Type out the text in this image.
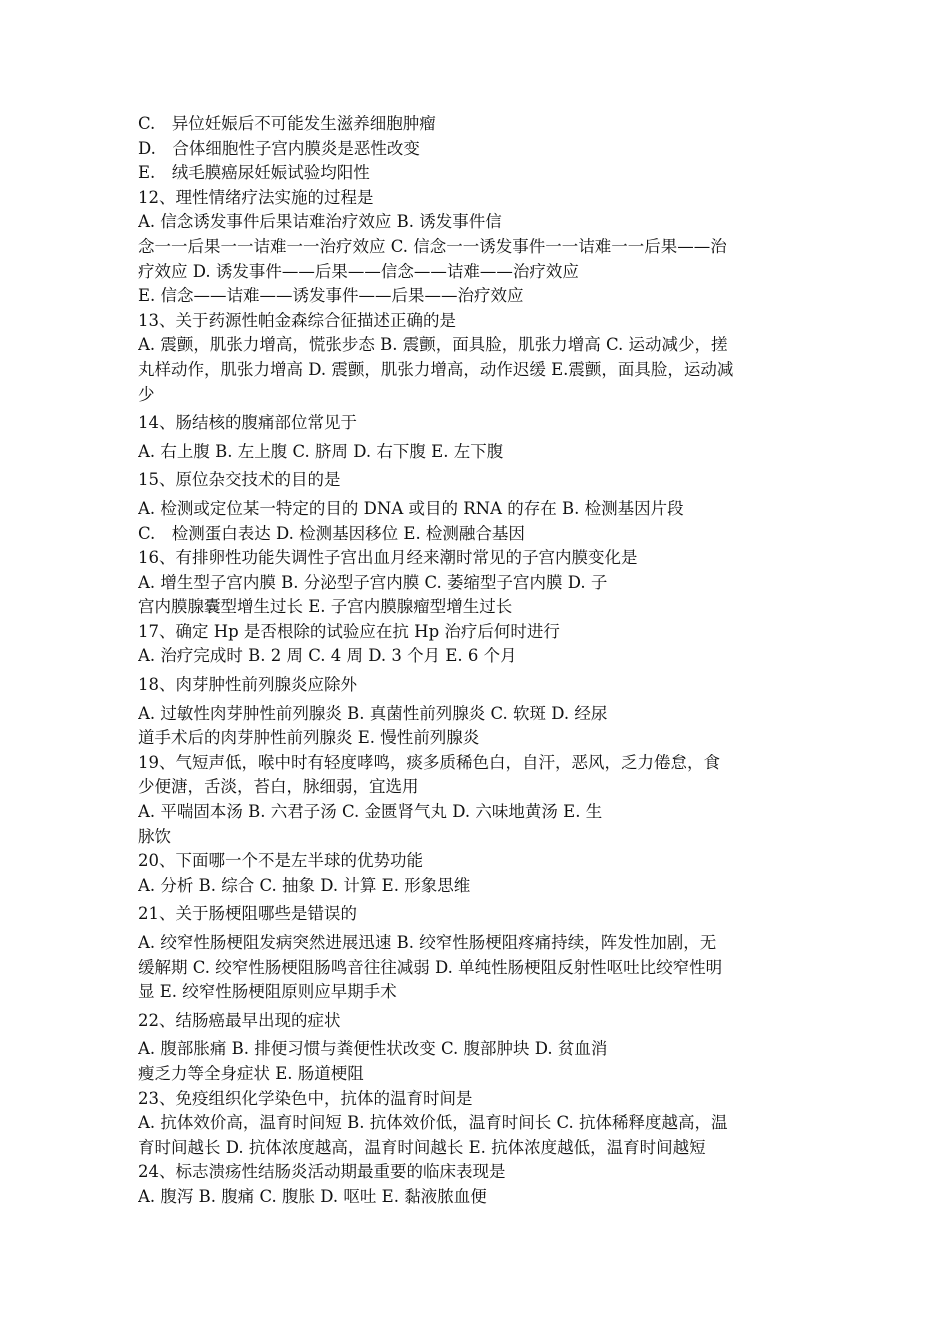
C.　异位妊娠后不可能发生滋养细胞肿瘤
D.　合体细胞性子宫内膜炎是恶性改变
E.　绒毛膜癌尿妊娠试验均阳性
12、理性情绪疗法实施的过程是
A. 信念诱发事件后果诘难治疗效应 B. 诱发事件信
念一一后果一一诘难一一治疗效应 C. 信念一一诱发事件一一诘难一一后果——治
疗效应 D. 诱发事件——后果——信念——诘难——治疗效应
E. 信念——诘难——诱发事件——后果——治疗效应
13、关于药源性帕金森综合征描述正确的是
A. 震颤，肌张力增高，慌张步态 B. 震颤，面具脸，肌张力增高 C. 运动减少，搓
丸样动作，肌张力增高 D. 震颤，肌张力增高，动作迟缓 E.震颤，面具脸，运动减
少
14、肠结核的腹痛部位常见于
A. 右上腹 B. 左上腹 C. 脐周 D. 右下腹 E. 左下腹
15、原位杂交技术的目的是
A. 检测或定位某一特定的目的 DNA 或目的 RNA 的存在 B. 检测基因片段
C.　检测蛋白表达 D. 检测基因移位 E. 检测融合基因
16、有排卵性功能失调性子宫出血月经来潮时常见的子宫内膜变化是
A. 增生型子宫内膜 B. 分泌型子宫内膜 C. 萎缩型子宫内膜 D. 子
宫内膜腺囊型增生过长 E. 子宫内膜腺瘤型增生过长
17、确定 Hp 是否根除的试验应在抗 Hp 治疗后何时进行
A. 治疗完成时 B. 2 周 C. 4 周 D. 3 个月 E. 6 个月
18、肉芽肿性前列腺炎应除外
A. 过敏性肉芽肿性前列腺炎 B. 真菌性前列腺炎 C. 软斑 D. 经尿
道手术后的肉芽肿性前列腺炎 E. 慢性前列腺炎
19、气短声低，喉中时有轻度哮鸣，痰多质稀色白，自汗，恶风，乏力倦怠，食
少便溏，舌淡，苔白，脉细弱，宜选用
A. 平喘固本汤 B. 六君子汤 C. 金匮肾气丸 D. 六味地黄汤 E. 生
脉饮
20、下面哪一个不是左半球的优势功能
A. 分析 B. 综合 C. 抽象 D. 计算 E. 形象思维
21、关于肠梗阻哪些是错误的
A. 绞窄性肠梗阻发病突然进展迅速 B. 绞窄性肠梗阻疼痛持续，阵发性加剧，无
缓解期 C. 绞窄性肠梗阻肠鸣音往往减弱 D. 单纯性肠梗阻反射性呕吐比绞窄性明
显 E. 绞窄性肠梗阻原则应早期手术
22、结肠癌最早出现的症状
A. 腹部胀痛 B. 排便习惯与粪便性状改变 C. 腹部肿块 D. 贫血消
瘦乏力等全身症状 E. 肠道梗阻
23、免疫组织化学染色中，抗体的温育时间是
A. 抗体效价高，温育时间短 B. 抗体效价低，温育时间长 C. 抗体稀释度越高，温
育时间越长 D. 抗体浓度越高，温育时间越长 E. 抗体浓度越低，温育时间越短
24、标志溃疡性结肠炎活动期最重要的临床表现是
A. 腹泻 B. 腹痛 C. 腹胀 D. 呕吐 E. 黏液脓血便
